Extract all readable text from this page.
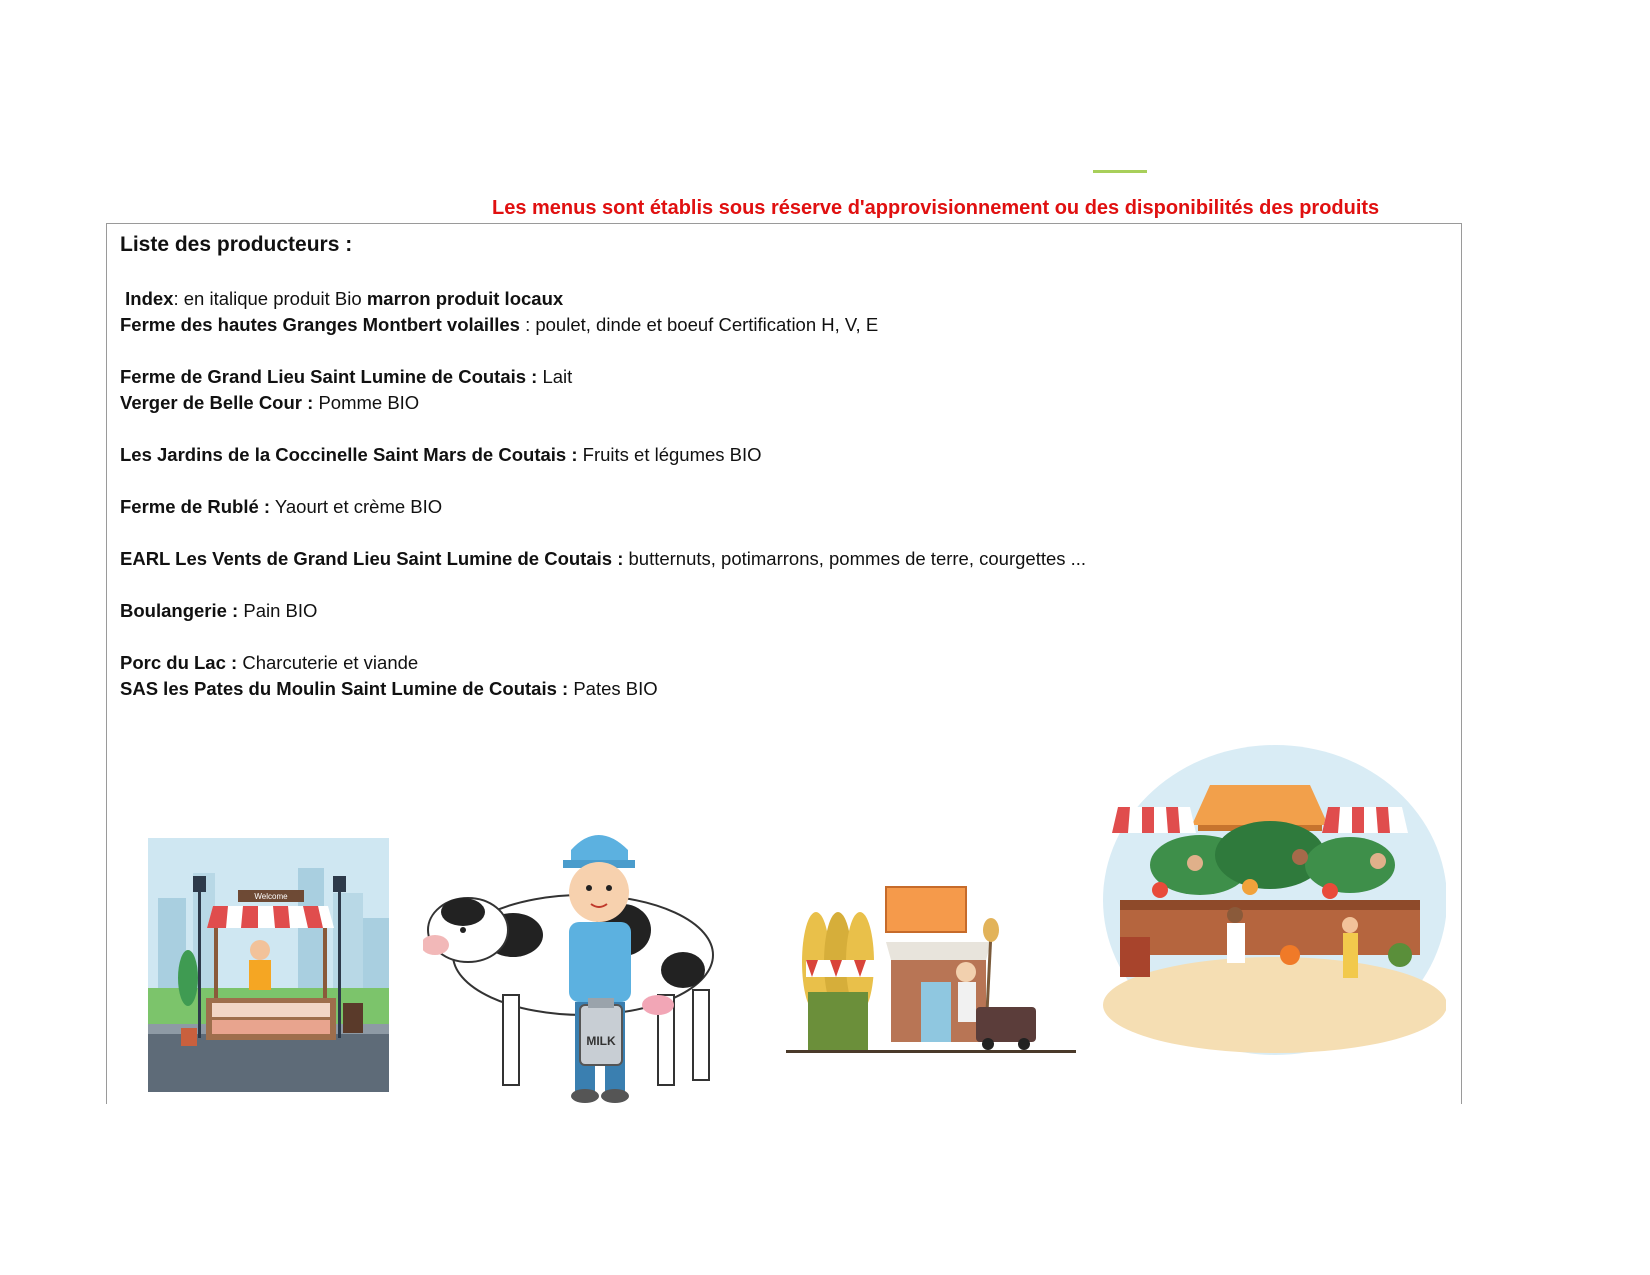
Les menus sont établis sous réserve d'approvisionnement ou des disponibilités des produits
Liste des producteurs :
Index: en italique produit Bio marron produit locaux
Ferme des hautes Granges Montbert volailles : poulet, dinde et boeuf Certification H, V, E
Ferme de Grand Lieu Saint Lumine de Coutais : Lait
Verger de Belle Cour : Pomme BIO
Les Jardins de la Coccinelle Saint Mars de Coutais : Fruits et légumes BIO
Ferme de Rublé : Yaourt et crème BIO
EARL Les Vents de Grand Lieu Saint Lumine de Coutais : butternuts, potimarrons, pommes de terre, courgettes ...
Boulangerie : Pain BIO
Porc du Lac : Charcuterie et viande
SAS les Pates du Moulin Saint Lumine de Coutais : Pates BIO
Welcome
MILK
